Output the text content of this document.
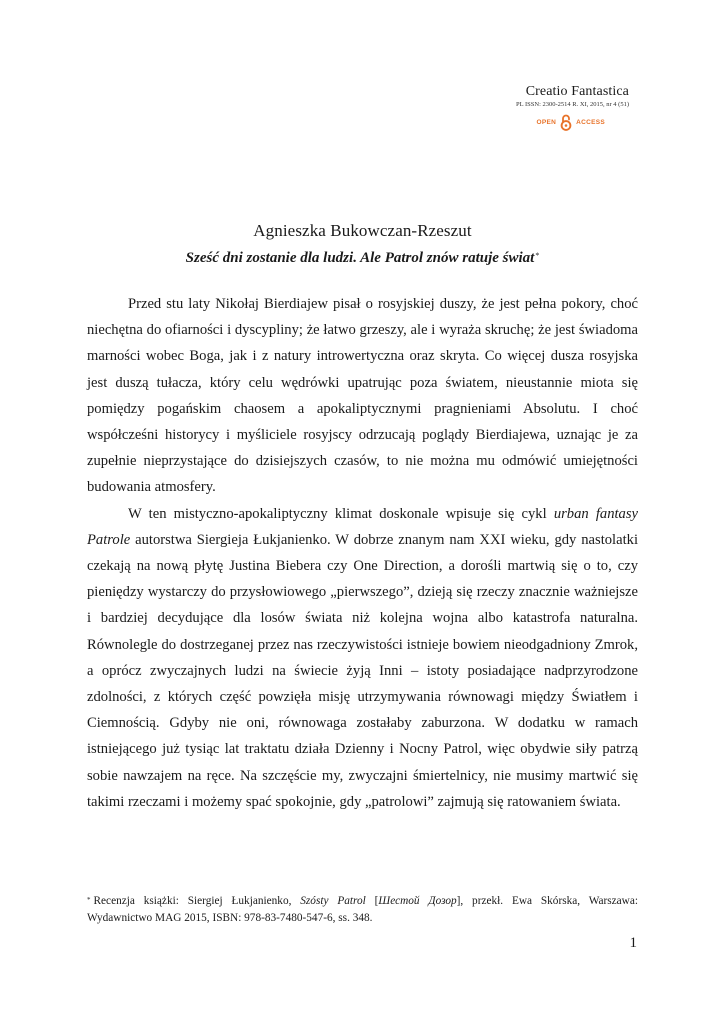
Creatio Fantastica
PL ISSN: 2300-2514 R. XI, 2015, nr 4 (51)
OPEN	ACCESS
Agnieszka Bukowczan-Rzeszut
Sześć dni zostanie dla ludzi. Ale Patrol znów ratuje świat*

Przed stu laty Nikołaj Bierdiajew pisał o rosyjskiej duszy, że jest pełna pokory, choć niechętna do ofiarności i dyscypliny; że łatwo grzeszy, ale i wyraża skruchę; że jest świadoma marności wobec Boga, jak i z natury introwertyczna oraz skryta. Co więcej dusza rosyjska jest duszą tułacza, który celu wędrówki upatrując poza światem, nieustannie miota się pomiędzy pogańskim chaosem a apokaliptycznymi pragnieniami Absolutu. I choć współcześni historycy i myśliciele rosyjscy odrzucają poglądy Bierdiajewa, uznając je za zupełnie nieprzystające do dzisiejszych czasów, to nie można mu odmówić umiejętności budowania atmosfery.

W ten mistyczno-apokaliptyczny klimat doskonale wpisuje się cykl urban fantasy Patrole autorstwa Siergieja Łukjanienko. W dobrze znanym nam XXI wieku, gdy nastolatki czekają na nową płytę Justina Biebera czy One Direction, a dorośli martwią się o to, czy pieniędzy wystarczy do przysłowiowego „pierwszego”, dzieją się rzeczy znacznie ważniejsze i bardziej decydujące dla losów świata niż kolejna wojna albo katastrofa naturalna. Równolegle do dostrzeganej przez nas rzeczywistości istnieje bowiem nieodgadniony Zmrok, a oprócz zwyczajnych ludzi na świecie żyją Inni – istoty posiadające nadprzyrodzone zdolności, z których część powzięła misję utrzymywania równowagi między Światłem i Ciemnością. Gdyby nie oni, równowaga zostałaby zaburzona. W dodatku w ramach istniejącego już tysiąc lat traktatu działa Dzienny i Nocny Patrol, więc obydwie siły patrzą sobie nawzajem na ręce. Na szczęście my, zwyczajni śmiertelnicy, nie musimy martwić się takimi rzeczami i możemy spać spokojnie, gdy „patrolowi” zajmują się ratowaniem świata.

* Recenzja książki: Siergiej Łukjanienko, Szósty Patrol [Шестой Дозор], przekł. Ewa Skórska, Warszawa: Wydawnictwo MAG 2015, ISBN: 978-83-7480-547-6, ss. 348.
1
